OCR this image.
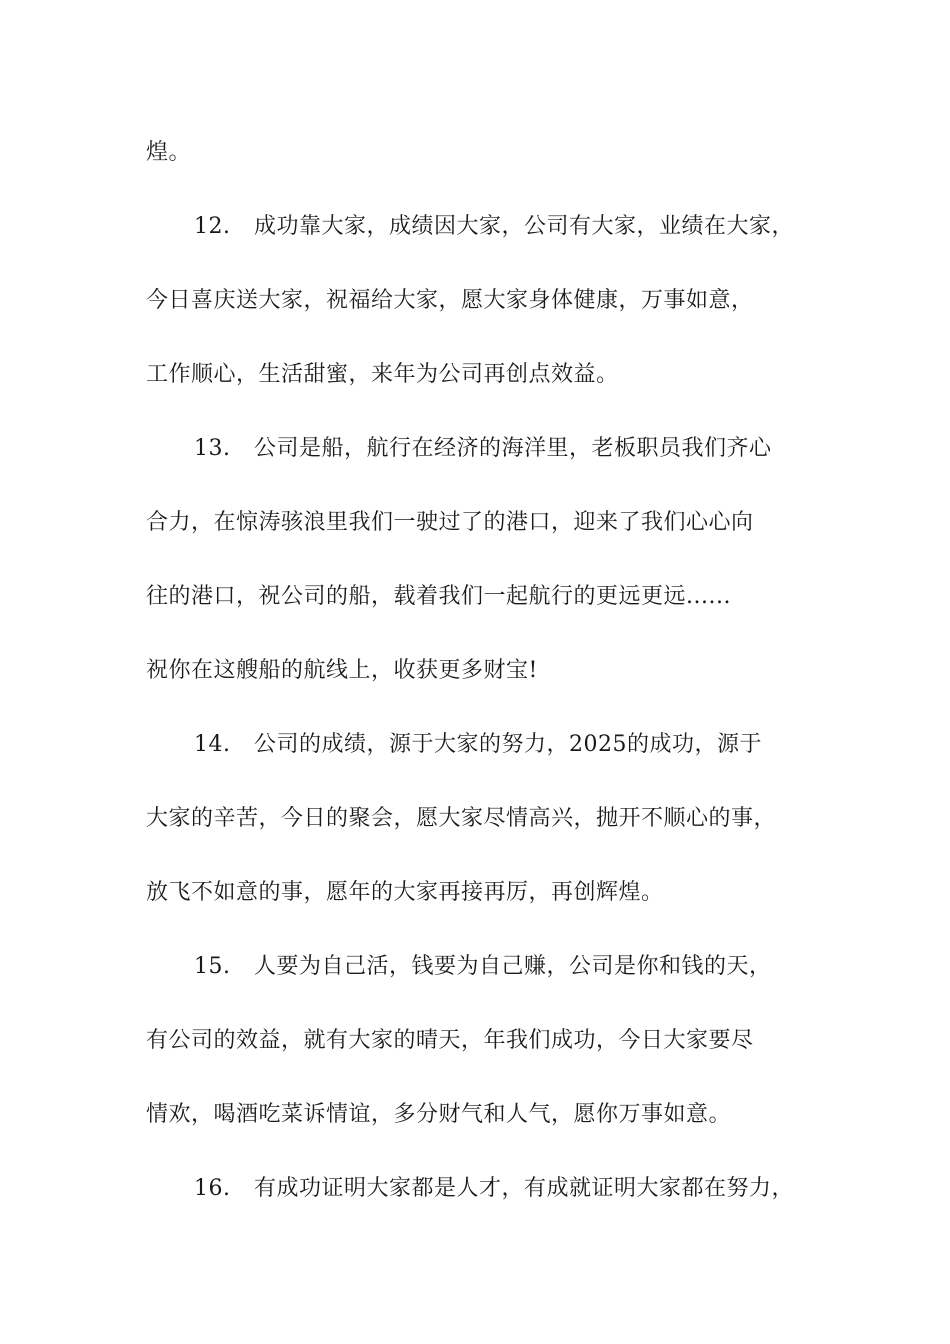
煌。
12. 成功靠大家，成绩因大家，公司有大家，业绩在大家，
今日喜庆送大家，祝福给大家，愿大家身体健康，万事如意，
工作顺心，生活甜蜜，来年为公司再创点效益。
13. 公司是船，航行在经济的海洋里，老板职员我们齐心
合力，在惊涛骇浪里我们一驶过了的港口，迎来了我们心心向
往的港口，祝公司的船，载着我们一起航行的更远更远......
祝你在这艘船的航线上，收获更多财宝!
14. 公司的成绩，源于大家的努力，2025的成功，源于
大家的辛苦，今日的聚会，愿大家尽情高兴，抛开不顺心的事，
放飞不如意的事，愿年的大家再接再厉，再创辉煌。
15. 人要为自己活，钱要为自己赚，公司是你和钱的天，
有公司的效益，就有大家的晴天，年我们成功，今日大家要尽
情欢，喝酒吃菜诉情谊，多分财气和人气，愿你万事如意。
16. 有成功证明大家都是人才，有成就证明大家都在努力，
